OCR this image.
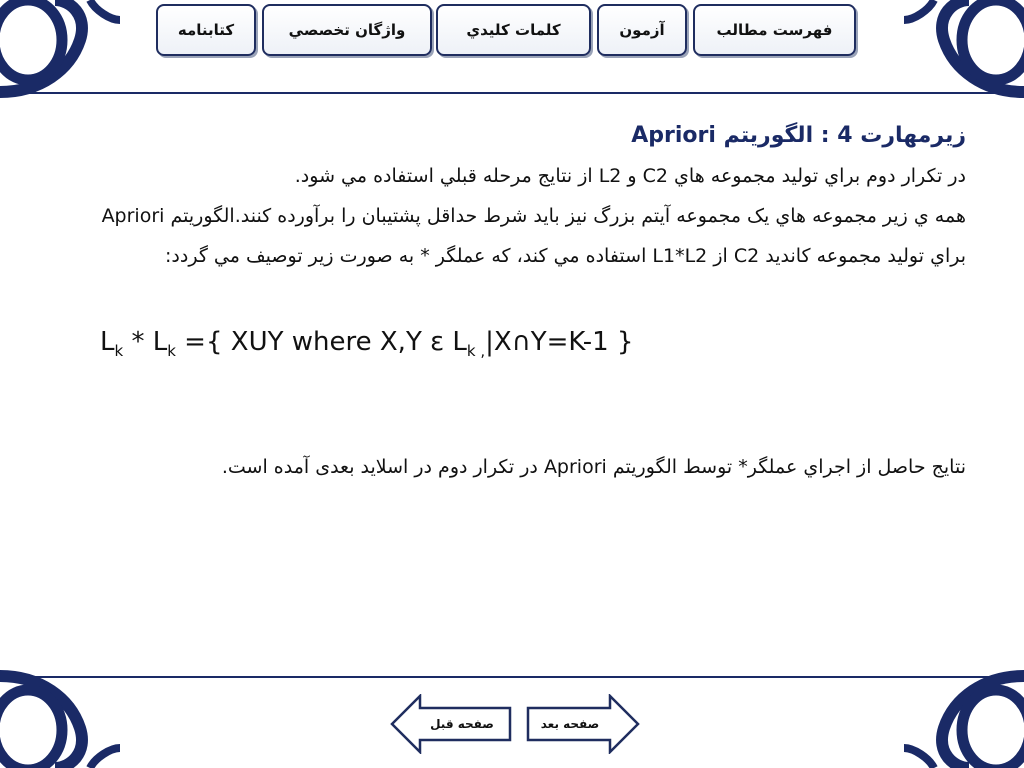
كتابنامه	واژگان تخصصي	كلمات كليدي	آزمون	فهرست مطالب

زیرمهارت 4 : الگوریتم Apriori

در تکرار دوم براي توليد مجموعه هاي C2 و L2 از نتايج مرحله قبلي استفاده مي شود.

همه ي زير مجموعه هاي يک مجموعه آيتم بزرگ نيز بايد شرط حداقل پشتيبان را برآورده کنند.الگوريتم Apriori براي توليد مجموعه کانديد C2 از L1*L2 استفاده مي کند، که عملگر * به صورت زير توصيف مي گردد:

$L_k * L_k$ ={ XUY where X,Y ε $L_{k ,}|X\cap Y=K-1$ }

نتايج حاصل از اجراي عملگر* توسط الگوريتم Apriori در تکرار دوم در اسلايد بعدی آمده است.

صفحه قبل	صفحه بعد
